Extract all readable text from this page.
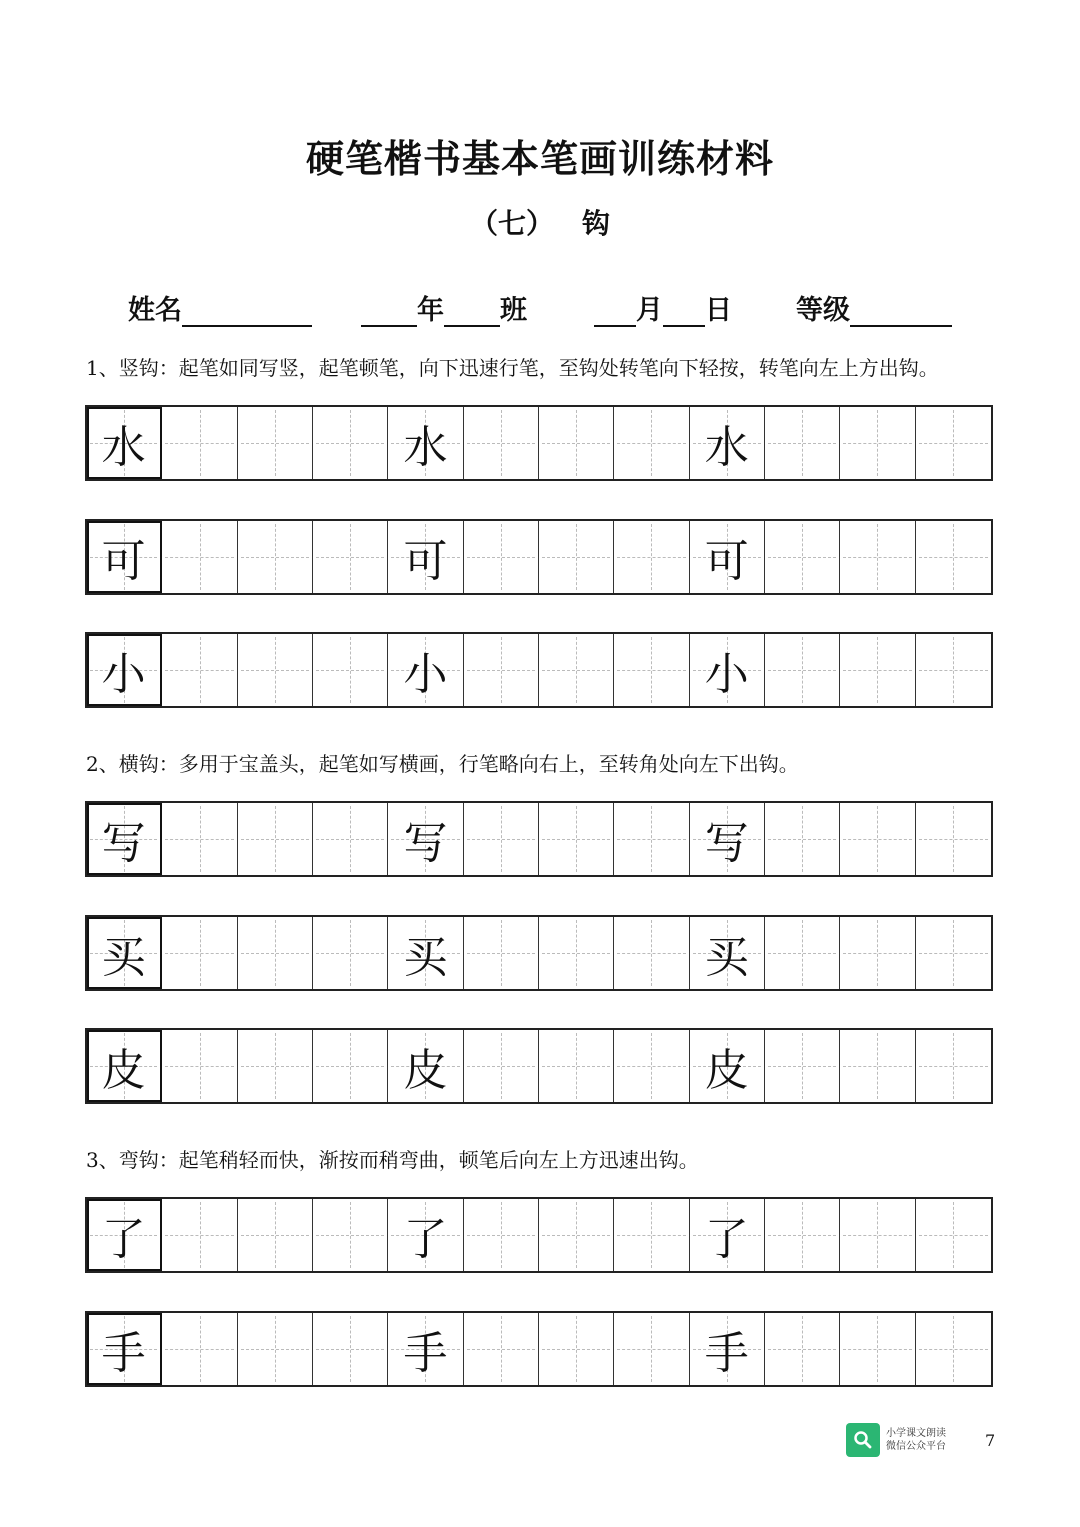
硬笔楷书基本笔画训练材料
（七） 钩
姓名	年 班	月 日 等级
1、竖钩：起笔如同写竖，起笔顿笔，向下迅速行笔，至钩处转笔向下轻按，转笔向左上方出钩。
2、横钩：多用于宝盖头，起笔如写横画，行笔略向右上，至转角处向左下出钩。
3、弯钩：起笔稍轻而快，渐按而稍弯曲，顿笔后向左上方迅速出钩。
水	水	水
可	可	可
小	小	小
写	写	写
买	买	买
皮	皮	皮
了	了	了
手	手	手
小学课文朗读
微信公众平台 7
